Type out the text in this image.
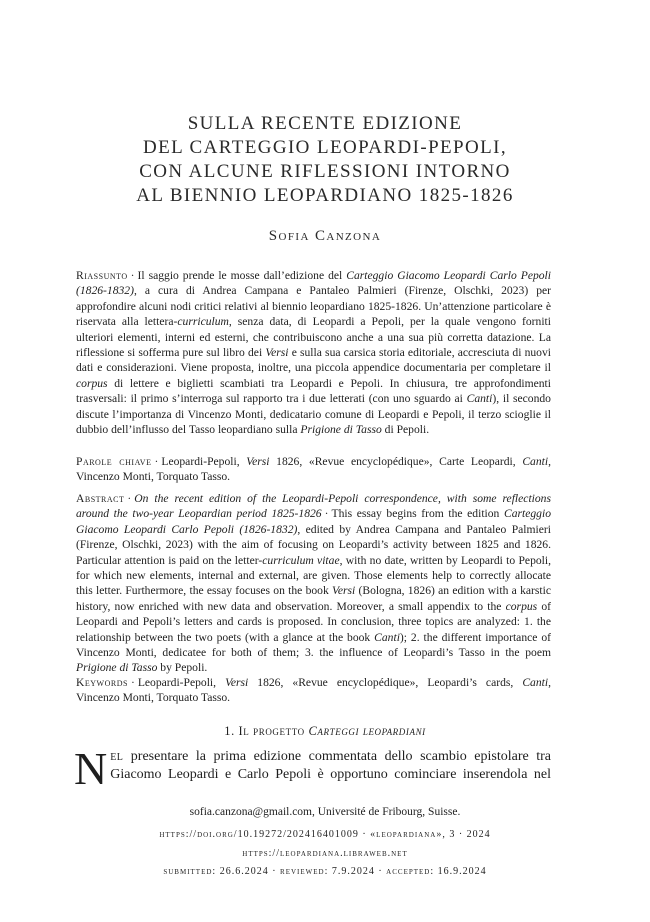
SULLA RECENTE EDIZIONE
DEL CARTEGGIO LEOPARDI-PEPOLI,
CON ALCUNE RIFLESSIONI INTORNO
AL BIENNIO LEOPARDIANO 1825-1826
Sofia Canzona
Riassunto · Il saggio prende le mosse dall’edizione del Carteggio Giacomo Leopardi Carlo Pepoli (1826-1832), a cura di Andrea Campana e Pantaleo Palmieri (Firenze, Olschki, 2023) per approfondire alcuni nodi critici relativi al biennio leopardiano 1825-1826. Un’attenzione particolare è riservata alla lettera-curriculum, senza data, di Leopardi a Pepoli, per la quale vengono forniti ulteriori elementi, interni ed esterni, che contribuiscono anche a una sua più corretta datazione. La riflessione si sofferma pure sul libro dei Versi e sulla sua carsica storia editoriale, accresciuta di nuovi dati e considerazioni. Viene proposta, inoltre, una piccola appendice documentaria per completare il corpus di lettere e biglietti scambiati tra Leopardi e Pepoli. In chiusura, tre approfondimenti trasversali: il primo s’interroga sul rapporto tra i due letterati (con uno sguardo ai Canti), il secondo discute l’importanza di Vincenzo Monti, dedicatario comune di Leopardi e Pepoli, il terzo scioglie il dubbio dell’influsso del Tasso leopardiano sulla Prigione di Tasso di Pepoli.
Parole chiave · Leopardi-Pepoli, Versi 1826, «Revue encyclopédique», Carte Leopardi, Canti, Vincenzo Monti, Torquato Tasso.
Abstract · On the recent edition of the Leopardi-Pepoli correspondence, with some reflections around the two-year Leopardian period 1825-1826 · This essay begins from the edition Carteggio Giacomo Leopardi Carlo Pepoli (1826-1832), edited by Andrea Campana and Pantaleo Palmieri (Firenze, Olschki, 2023) with the aim of focusing on Leopardi’s activity between 1825 and 1826. Particular attention is paid on the letter-curriculum vitae, with no date, written by Leopardi to Pepoli, for which new elements, internal and external, are given. Those elements help to correctly allocate this letter. Furthermore, the essay focuses on the book Versi (Bologna, 1826) an edition with a karstic history, now enriched with new data and observation. Moreover, a small appendix to the corpus of Leopardi and Pepoli’s letters and cards is proposed. In conclusion, three topics are analyzed: 1. the relationship between the two poets (with a glance at the book Canti); 2. the different importance of Vincenzo Monti, dedicatee for both of them; 3. the influence of Leopardi’s Tasso in the poem Prigione di Tasso by Pepoli.
Keywords · Leopardi-Pepoli, Versi 1826, «Revue encyclopédique», Leopardi’s cards, Canti, Vincenzo Monti, Torquato Tasso.
1. Il progetto Carteggi leopardiani
N el presentare la prima edizione commentata dello scambio epistolare tra
Giacomo Leopardi e Carlo Pepoli è opportuno cominciare inserendola nel
sofia.canzona@gmail.com, Université de Fribourg, Suisse.
https://doi.org/10.19272/202416401009 · «leopardiana», 3 · 2024
https://leopardiana.libraweb.net
submitted: 26.6.2024 · reviewed: 7.9.2024 · accepted: 16.9.2024
